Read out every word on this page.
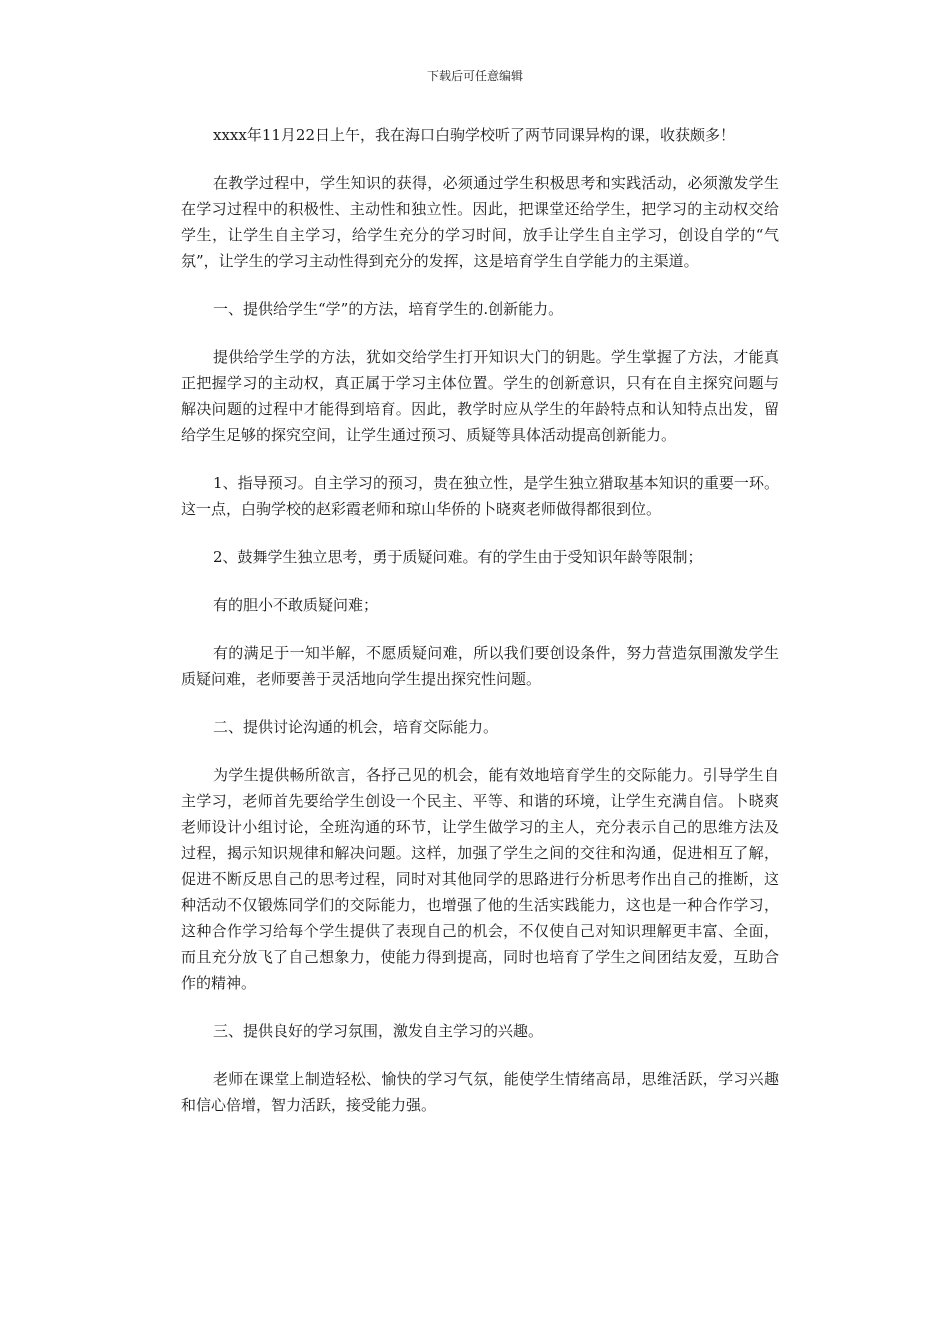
下载后可任意编辑

xxxx年11月22日上午，我在海口白驹学校听了两节同课异构的课，收获颇多！

在教学过程中，学生知识的获得，必须通过学生积极思考和实践活动，必须激发学生在学习过程中的积极性、主动性和独立性。因此，把课堂还给学生，把学习的主动权交给学生，让学生自主学习，给学生充分的学习时间，放手让学生自主学习，创设自学的“气氛”，让学生的学习主动性得到充分的发挥，这是培育学生自学能力的主渠道。

一、提供给学生“学”的方法，培育学生的.创新能力。

提供给学生学的方法，犹如交给学生打开知识大门的钥匙。学生掌握了方法，才能真正把握学习的主动权，真正属于学习主体位置。学生的创新意识，只有在自主探究问题与解决问题的过程中才能得到培育。因此，教学时应从学生的年龄特点和认知特点出发，留给学生足够的探究空间，让学生通过预习、质疑等具体活动提高创新能力。

1、指导预习。自主学习的预习，贵在独立性，是学生独立猎取基本知识的重要一环。这一点，白驹学校的赵彩霞老师和琼山华侨的卜晓爽老师做得都很到位。

2、鼓舞学生独立思考，勇于质疑问难。有的学生由于受知识年龄等限制；

有的胆小不敢质疑问难；

有的满足于一知半解，不愿质疑问难，所以我们要创设条件，努力营造氛围激发学生质疑问难，老师要善于灵活地向学生提出探究性问题。

二、提供讨论沟通的机会，培育交际能力。

为学生提供畅所欲言，各抒己见的机会，能有效地培育学生的交际能力。引导学生自主学习，老师首先要给学生创设一个民主、平等、和谐的环境，让学生充满自信。卜晓爽老师设计小组讨论，全班沟通的环节，让学生做学习的主人，充分表示自己的思维方法及过程，揭示知识规律和解决问题。这样，加强了学生之间的交往和沟通，促进相互了解，促进不断反思自己的思考过程，同时对其他同学的思路进行分析思考作出自己的推断，这种活动不仅锻炼同学们的交际能力，也增强了他的生活实践能力，这也是一种合作学习，这种合作学习给每个学生提供了表现自己的机会，不仅使自己对知识理解更丰富、全面，而且充分放飞了自己想象力，使能力得到提高，同时也培育了学生之间团结友爱，互助合作的精神。

三、提供良好的学习氛围，激发自主学习的兴趣。

老师在课堂上制造轻松、愉快的学习气氛，能使学生情绪高昂，思维活跃，学习兴趣和信心倍增，智力活跃，接受能力强。
